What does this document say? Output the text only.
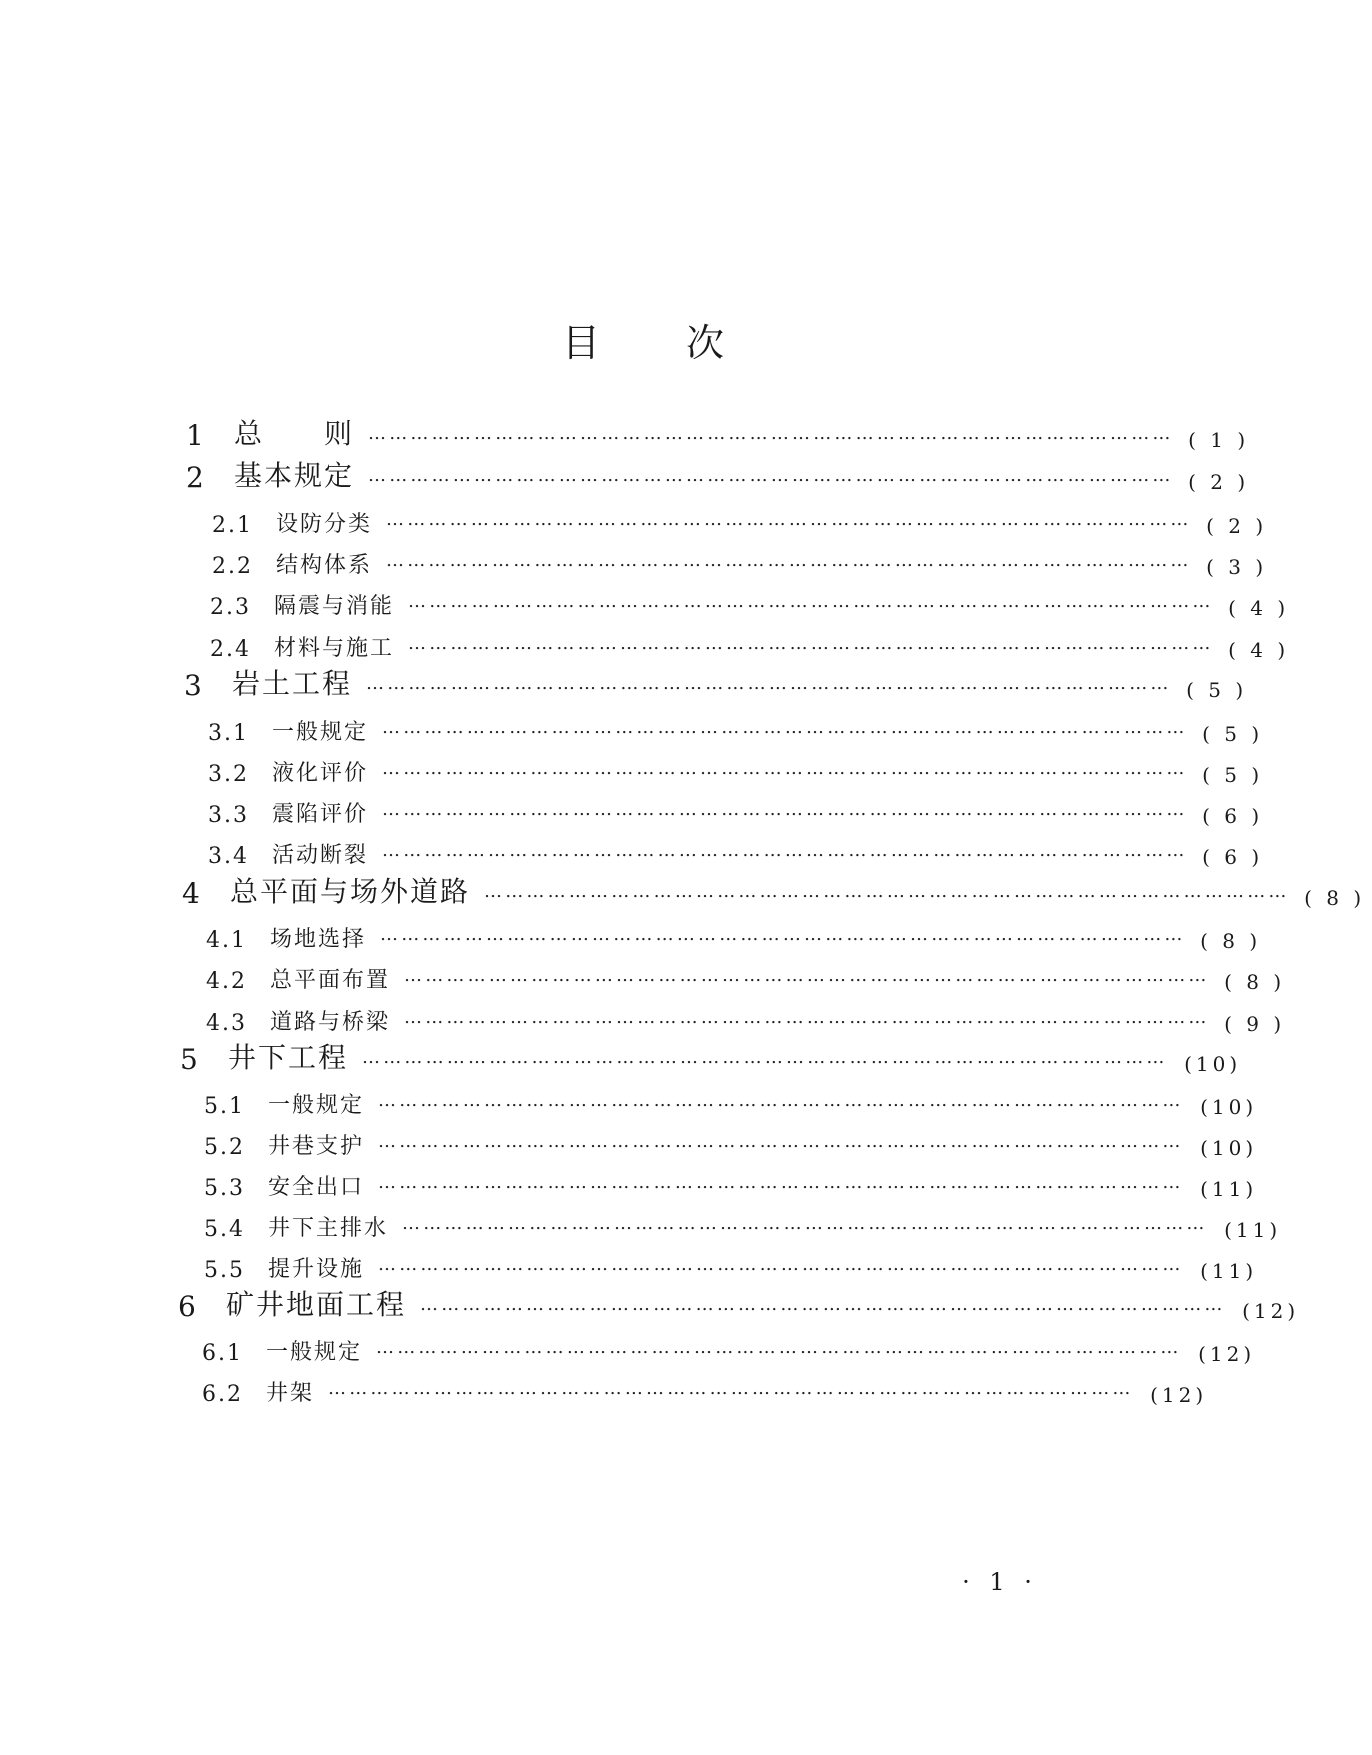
目 次
1	总　　则 …………………………………………………………………………………………………… ( 1 )
2	基本规定 …………………………………………………………………………………………………… ( 2 )
2.1	设防分类 …………………………………………………………………………………………………… ( 2 )
2.2	结构体系 …………………………………………………………………………………………………… ( 3 )
2.3	隔震与消能 …………………………………………………………………………………………………… ( 4 )
2.4	材料与施工 …………………………………………………………………………………………………… ( 4 )
3	岩土工程 …………………………………………………………………………………………………… ( 5 )
3.1	一般规定 …………………………………………………………………………………………………… ( 5 )
3.2	液化评价 …………………………………………………………………………………………………… ( 5 )
3.3	震陷评价 …………………………………………………………………………………………………… ( 6 )
3.4	活动断裂 …………………………………………………………………………………………………… ( 6 )
4	总平面与场外道路 …………………………………………………………………………………………………… ( 8 )
4.1	场地选择 …………………………………………………………………………………………………… ( 8 )
4.2	总平面布置 …………………………………………………………………………………………………… ( 8 )
4.3	道路与桥梁 …………………………………………………………………………………………………… ( 9 )
5	井下工程 …………………………………………………………………………………………………… (10)
5.1	一般规定 …………………………………………………………………………………………………… (10)
5.2	井巷支护 …………………………………………………………………………………………………… (10)
5.3	安全出口 …………………………………………………………………………………………………… (11)
5.4	井下主排水 …………………………………………………………………………………………………… (11)
5.5	提升设施 …………………………………………………………………………………………………… (11)
6	矿井地面工程 …………………………………………………………………………………………………… (12)
6.1	一般规定 …………………………………………………………………………………………………… (12)
6.2	井架 …………………………………………………………………………………………………… (12)
· 1 ·
